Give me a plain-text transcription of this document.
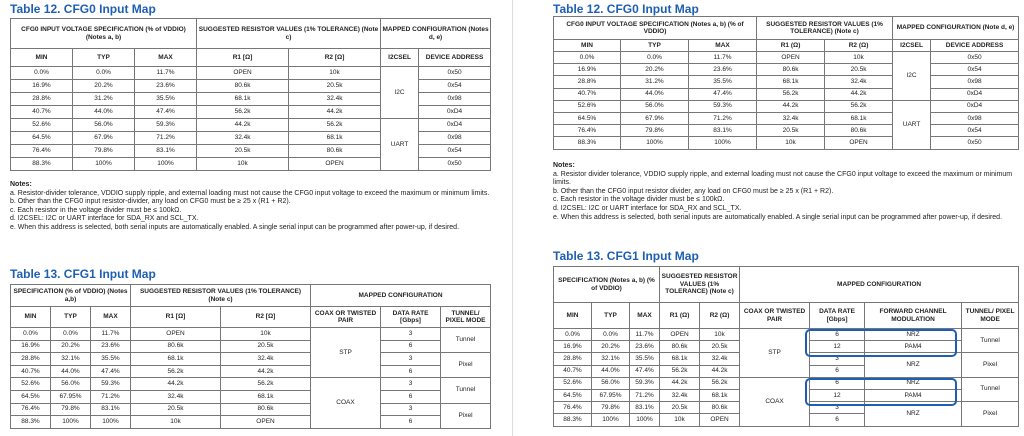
Table 12. CFG0 Input Map
CFG0 INPUT VOLTAGE SPECIFICATION (% of VDDIO) (Notes a, b)			SUGGESTED RESISTOR VALUES (1% TOLERANCE) (Note c)		MAPPED CONFIGURATION (Notes d, e)	
MIN	TYP	MAX	R1 [Ω]	R2 [Ω]	I2CSEL	DEVICE ADDRESS
0.0%	0.0%	11.7%	OPEN	10k	I2C	0x50
16.9%	20.2%	23.6%	80.6k	20.5k		0x54
28.8%	31.2%	35.5%	68.1k	32.4k		0x98
40.7%	44.0%	47.4%	56.2k	44.2k		0xD4
52.6%	56.0%	59.3%	44.2k	56.2k	UART	0xD4
64.5%	67.9%	71.2%	32.4k	68.1k		0x98
76.4%	79.8%	83.1%	20.5k	80.6k		0x54
88.3%	100%	100%	10k	OPEN		0x50
Notes:
a. Resistor-divider tolerance, VDDIO supply ripple, and external loading must not cause the CFG0 input voltage to exceed the maximum or minimum limits.
b. Other than the CFG0 input resistor-divider, any load on CFG0 must be ≥ 25 x (R1 + R2).
c. Each resistor in the voltage divider must be ≤ 100kΩ.
d. I2CSEL: I2C or UART interface for SDA_RX and SCL_TX.
e. When this address is selected, both serial inputs are automatically enabled. A single serial input can be programmed after power-up, if desired.
Table 13. CFG1 Input Map
SPECIFICATION (% of VDDIO) (Notes a,b)			SUGGESTED RESISTOR VALUES (1% TOLERANCE) (Note c)		MAPPED CONFIGURATION		
MIN	TYP	MAX	R1 [Ω]	R2 [Ω]	COAX OR TWISTED PAIR	DATA RATE [Gbps]	TUNNEL/ PIXEL MODE
0.0%	0.0%	11.7%	OPEN	10k	STP	3	Tunnel
16.9%	20.2%	23.6%	80.6k	20.5k		6	
28.8%	32.1%	35.5%	68.1k	32.4k		3	Pixel
40.7%	44.0%	47.4%	56.2k	44.2k		6	
52.6%	56.0%	59.3%	44.2k	56.2k	COAX	3	Tunnel
64.5%	67.95%	71.2%	32.4k	68.1k		6	
76.4%	79.8%	83.1%	20.5k	80.6k		3	Pixel
88.3%	100%	100%	10k	OPEN		6	
Table 12. CFG0 Input Map
CFG0 INPUT VOLTAGE SPECIFICATION (Notes a, b) (% of VDDIO)			SUGGESTED RESISTOR VALUES (1% TOLERANCE) (Note c)		MAPPED CONFIGURATION (Note d, e)	
MIN	TYP	MAX	R1 (Ω)	R2 (Ω)	I2CSEL	DEVICE ADDRESS
0.0%	0.0%	11.7%	OPEN	10k	I2C	0x50
16.9%	20.2%	23.6%	80.6k	20.5k		0x54
28.8%	31.2%	35.5%	68.1k	32.4k		0x98
40.7%	44.0%	47.4%	56.2k	44.2k		0xD4
52.6%	56.0%	59.3%	44.2k	56.2k	UART	0xD4
64.5%	67.9%	71.2%	32.4k	68.1k		0x98
76.4%	79.8%	83.1%	20.5k	80.6k		0x54
88.3%	100%	100%	10k	OPEN		0x50
Notes:
a. Resistor divider tolerance, VDDIO supply ripple, and external loading must not cause the CFG0 input voltage to exceed the maximum or minimum limits.
b. Other than the CFG0 input resistor divider, any load on CFG0 must be ≥ 25 x (R1 + R2).
c. Each resistor in the voltage divider must be ≤ 100kΩ.
d. I2CSEL: I2C or UART interface for SDA_RX and SCL_TX.
e. When this address is selected, both serial inputs are automatically enabled. A single serial input can be programmed after power-up, if desired.
Table 13. CFG1 Input Map
SPECIFICATION (Notes a, b) (% of VDDIO)			SUGGESTED RESISTOR VALUES (1% TOLERANCE) (Note c)		MAPPED CONFIGURATION			
MIN	TYP	MAX	R1 (Ω)	R2 (Ω)	COAX OR TWISTED PAIR	DATA RATE [Gbps]	FORWARD CHANNEL MODULATION	TUNNEL/ PIXEL MODE
0.0%	0.0%	11.7%	OPEN	10k	STP	6	NRZ	Tunnel
16.9%	20.2%	23.6%	80.6k	20.5k		12	PAM4	
28.8%	32.1%	35.5%	68.1k	32.4k		3	NRZ	Pixel
40.7%	44.0%	47.4%	56.2k	44.2k		6		
52.6%	56.0%	59.3%	44.2k	56.2k	COAX	6	NRZ	Tunnel
64.5%	67.95%	71.2%	32.4k	68.1k		12	PAM4	
76.4%	79.8%	83.1%	20.5k	80.6k		3	NRZ	Pixel
88.3%	100%	100%	10k	OPEN		6		
